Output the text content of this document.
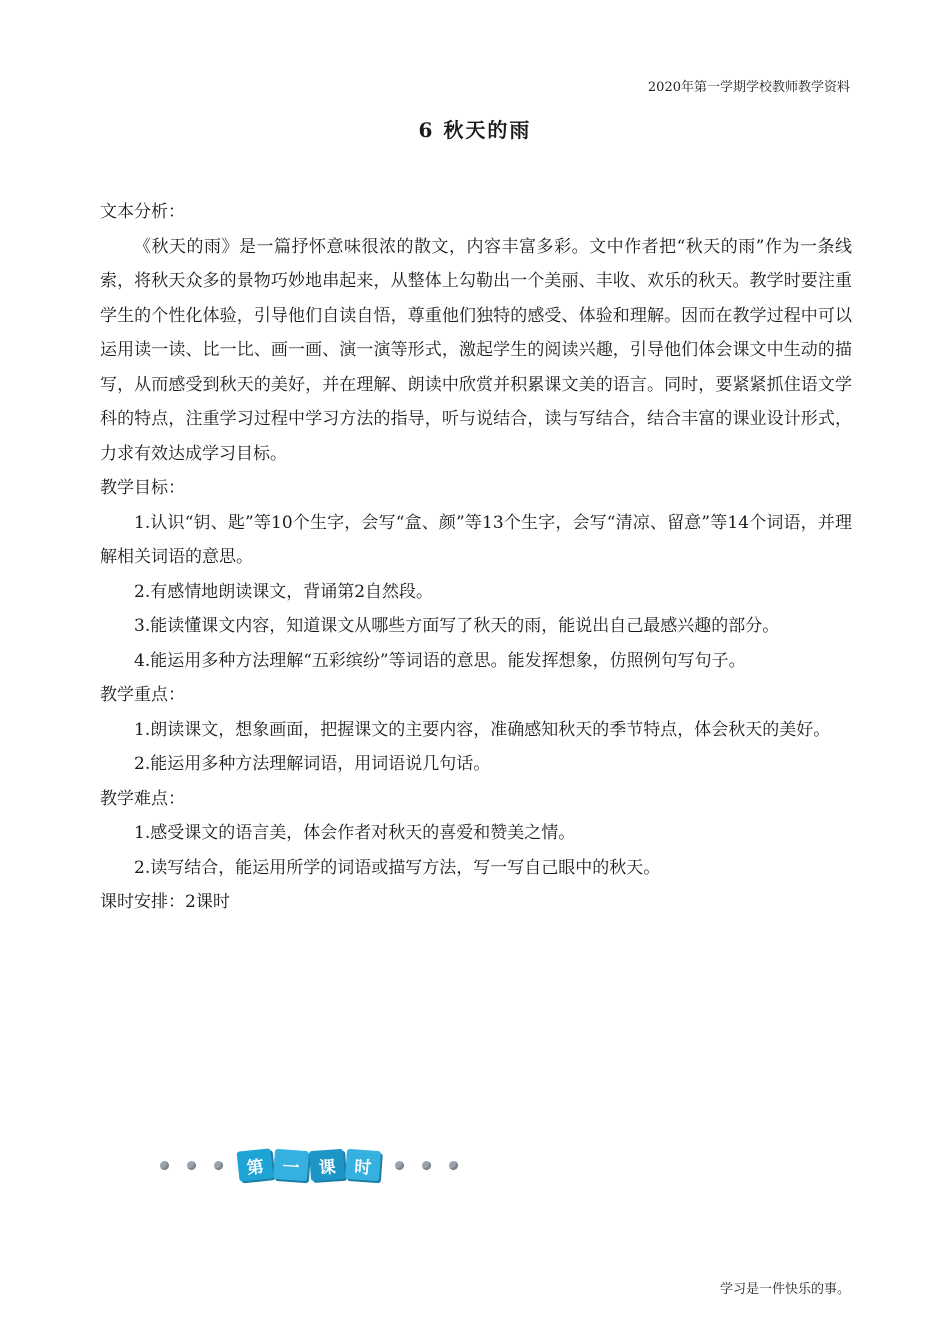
2020年第一学期学校教师教学资料
6 秋天的雨

文本分析：

《秋天的雨》是一篇抒怀意味很浓的散文，内容丰富多彩。文中作者把“秋天的雨”作为一条线索，将秋天众多的景物巧妙地串起来，从整体上勾勒出一个美丽、丰收、欢乐的秋天。教学时要注重学生的个性化体验，引导他们自读自悟，尊重他们独特的感受、体验和理解。因而在教学过程中可以运用读一读、比一比、画一画、演一演等形式，激起学生的阅读兴趣，引导他们体会课文中生动的描写，从而感受到秋天的美好，并在理解、朗读中欣赏并积累课文美的语言。同时，要紧紧抓住语文学科的特点，注重学习过程中学习方法的指导，听与说结合，读与写结合，结合丰富的课业设计形式，力求有效达成学习目标。

教学目标：

1.认识“钥、匙”等10个生字，会写“盒、颜”等13个生字，会写“清凉、留意”等14个词语，并理解相关词语的意思。

2.有感情地朗读课文，背诵第2自然段。

3.能读懂课文内容，知道课文从哪些方面写了秋天的雨，能说出自己最感兴趣的部分。

4.能运用多种方法理解“五彩缤纷”等词语的意思。能发挥想象，仿照例句写句子。

教学重点：

1.朗读课文，想象画面，把握课文的主要内容，准确感知秋天的季节特点，体会秋天的美好。

2.能运用多种方法理解词语，用词语说几句话。

教学难点：

1.感受课文的语言美，体会作者对秋天的喜爱和赞美之情。

2.读写结合，能运用所学的词语或描写方法，写一写自己眼中的秋天。

课时安排：2课时

第 一	课	时
学习是一件快乐的事。
